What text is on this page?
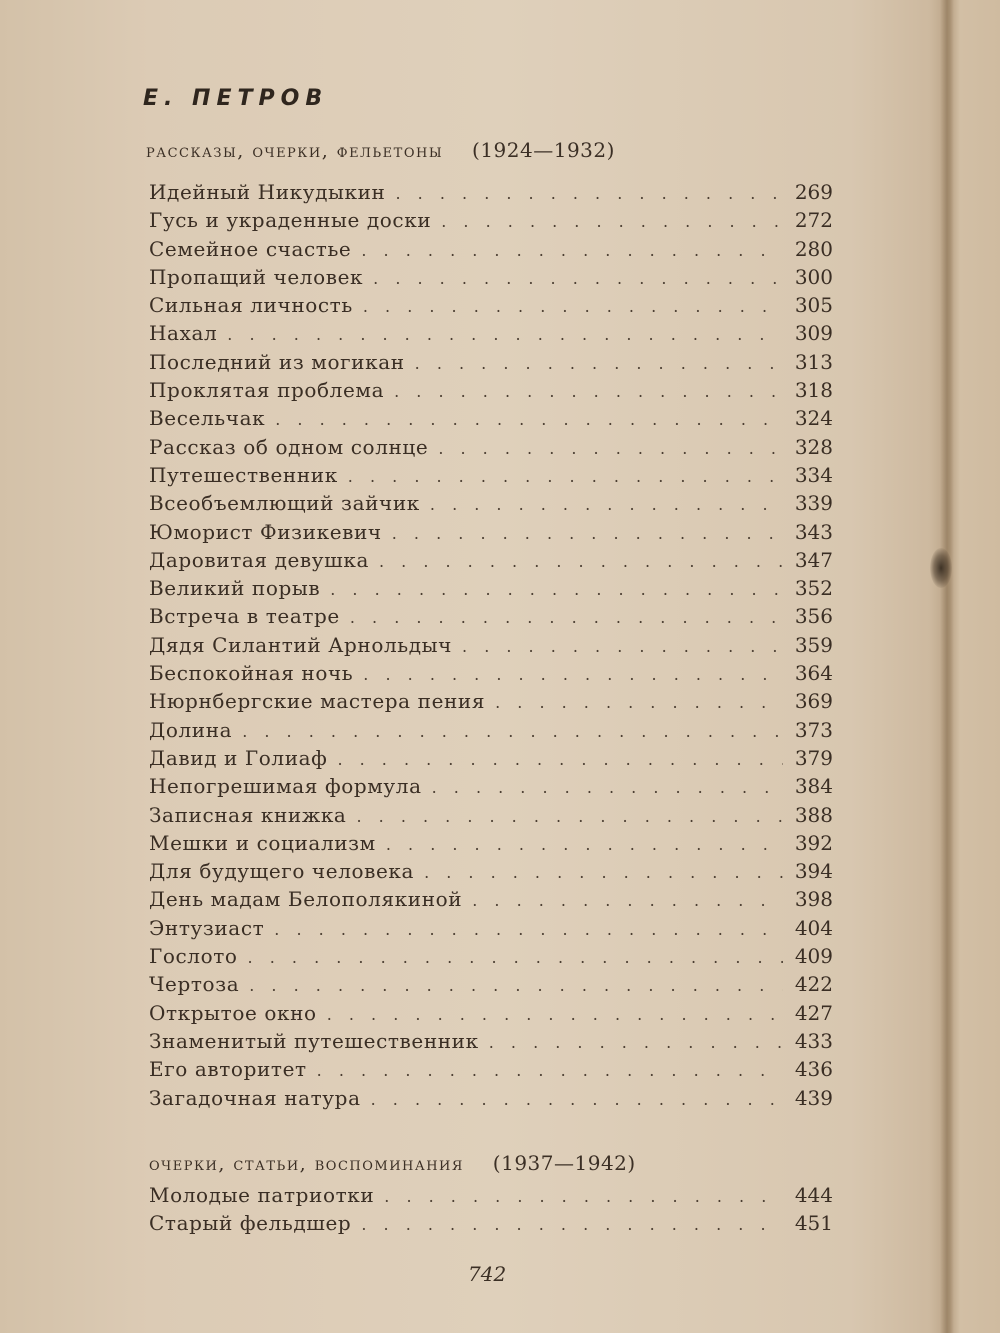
Е. ПЕТРОВ
рассказы, очерки, фельетоны (1924—1932)
Идейный Никудыкин . . .	269
Гусь и украденные доски . . .	272
Семейное счастье . . .	280
Пропащий человек . . .	300
Сильная личность . . .	305
Нахал . . .	309
Последний из могикан . . .	313
Проклятая проблема . . .	318
Весельчак . . .	324
Рассказ об одном солнце . . .	328
Путешественник . . .	334
Всеобъемлющий зайчик . . .	339
Юморист Физикевич . . .	343
Даровитая девушка . . .	347
Великий порыв . . .	352
Встреча в театре . . .	356
Дядя Силантий Арнольдыч . . .	359
Беспокойная ночь . . .	364
Нюрнбергские мастера пения . . .	369
Долина . . .	373
Давид и Голиаф . . .	379
Непогрешимая формула . . .	384
Записная книжка . . .	388
Мешки и социализм . . .	392
Для будущего человека . . .	394
День мадам Белополякиной . . .	398
Энтузиаст . . .	404
Гослото . . .	409
Чертоза . . .	422
Открытое окно . . .	427
Знаменитый путешественник . . .	433
Его авторитет . . .	436
Загадочная натура . . .	439
очерки, статьи, воспоминания (1937—1942)
Молодые патриотки . . .	444
Старый фельдшер . . .	451
742
